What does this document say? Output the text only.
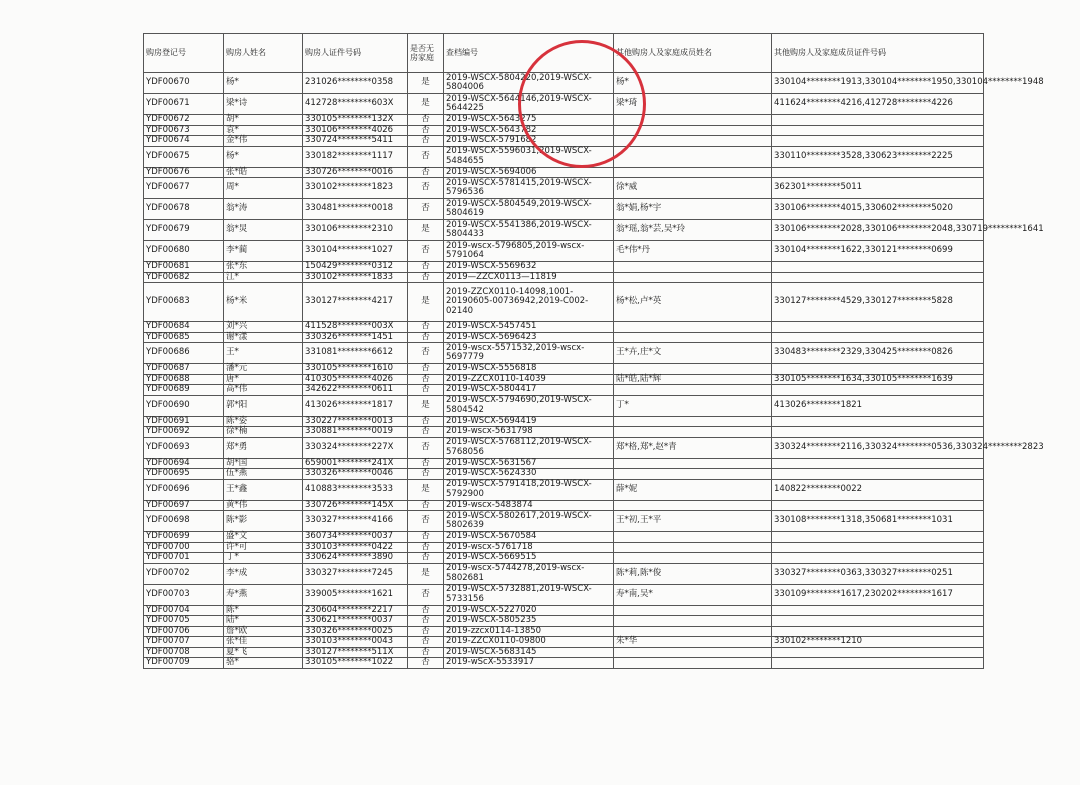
购房登记号	购房人姓名	购房人证件号码	是否无房家庭	查档编号	其他购房人及家庭成员姓名	其他购房人及家庭成员证件号码
YDF00670	杨*	231026********0358	是	2019-WSCX-5804220,2019-WSCX-5804006	杨*	330104********1913,330104********1950,330104********1948
YDF00671	梁*诗	412728********603X	是	2019-WSCX-5644146,2019-WSCX-5644225	梁*琦	411624********4216,412728********4226
YDF00672	胡*	330105********132X	否	2019-WSCX-5643275		
YDF00673	袁*	330106********4026	否	2019-WSCX-5643782		
YDF00674	金*伟	330724********5411	否	2019-WSCX-5791682		
YDF00675	杨*	330182********1117	否	2019-WSCX-5596031,2019-WSCX-5484655		330110********3528,330623********2225
YDF00676	张*皓	330726********0016	否	2019-WSCX-5694006		
YDF00677	周*	330102********1823	否	2019-WSCX-5781415,2019-WSCX-5796536	徐*威	362301********5011
YDF00678	翁*涛	330481********0018	否	2019-WSCX-5804549,2019-WSCX-5804619	翁*娟,杨*宇	330106********4015,330602********5020
YDF00679	翁*炅	330106********2310	是	2019-WSCX-5541386,2019-WSCX-5804433	翁*瑶,翁*芸,吴*玲	330106********2028,330106********2048,330719********1641
YDF00680	李*蔺	330104********1027	否	2019-wscx-5796805,2019-wscx-5791064	毛*伟*丹	330104********1622,330121********0699
YDF00681	张*东	150429********0312	否	2019-WSCX-5569632		
YDF00682	江*	330102********1833	否	2019—ZZCX0113—11819		
YDF00683	杨*米	330127********4217	是	2019-ZZCX0110-14098,1001-20190605-00736942,2019-C002-02140	杨*松,卢*英	330127********4529,330127********5828
YDF00684	刘*兴	411528********003X	否	2019-WSCX-5457451		
YDF00685	谢*漾	330326********1451	否	2019-WSCX-5696423		
YDF00686	王*	331081********6612	否	2019-wscx-5571532,2019-wscx-5697779	王*卉,庄*文	330483********2329,330425********0826
YDF00687	潘*元	330105********1610	否	2019-WSCX-5556818		
YDF00688	唐*	410305********4026	否	2019-ZZCX0110-14039	陆*皓,陆*辉	330105********1634,330105********1639
YDF00689	高*伟	342622********0611	否	2019-WSCX-5804417		
YDF00690	郭*阳	413026********1817	是	2019-WSCX-5794690,2019-WSCX-5804542	丁*	413026********1821
YDF00691	陈*姿	330227********0013	否	2019-WSCX-5694419		
YDF00692	徐*楠	330881********0019	否	2019-wscx-5631798		
YDF00693	郑*勇	330324********227X	否	2019-WSCX-5768112,2019-WSCX-5768056	郑*格,郑*,赵*青	330324********2116,330324********0536,330324********2823
YDF00694	胡*国	659001********241X	否	2019-WSCX-5631567		
YDF00695	伍*燕	330326********0046	否	2019-WSCX-5624330		
YDF00696	王*鑫	410883********3533	是	2019-WSCX-5791418,2019-WSCX-5792900	薛*妮	140822********0022
YDF00697	黄*伟	330726********145X	否	2019-wscx-5483874		
YDF00698	陈*影	330327********4166	否	2019-WSCX-5802617,2019-WSCX-5802639	王*初,王*平	330108********1318,350681********1031
YDF00699	盛*文	360734********0037	否	2019-WSCX-5670584		
YDF00700	许*可	330103********0422	否	2019-wscx-5761718		
YDF00701	丁*	330624********3890	否	2019-WSCX-5669515		
YDF00702	李*成	330327********7245	是	2019-wscx-5744278,2019-wscx-5802681	陈*莉,陈*俊	330327********0363,330327********0251
YDF00703	寿*燕	339005********1621	否	2019-WSCX-5732881,2019-WSCX-5733156	寿*南,吴*	330109********1617,230202********1617
YDF00704	陈*	230604********2217	否	2019-WSCX-5227020		
YDF00705	陆*	330621********0037	否	2019-WSCX-5805235		
YDF00706	詹*欧	330326********0025	否	2019-zzcx0114-13850		
YDF00707	张*佳	330103********0043	否	2019-ZZCX0110-09800	朱*华	330102********1210
YDF00708	夏*飞	330127********511X	否	2019-WSCX-5683145		
YDF00709	骆*	330105********1022	否	2019-wScX-5533917		
